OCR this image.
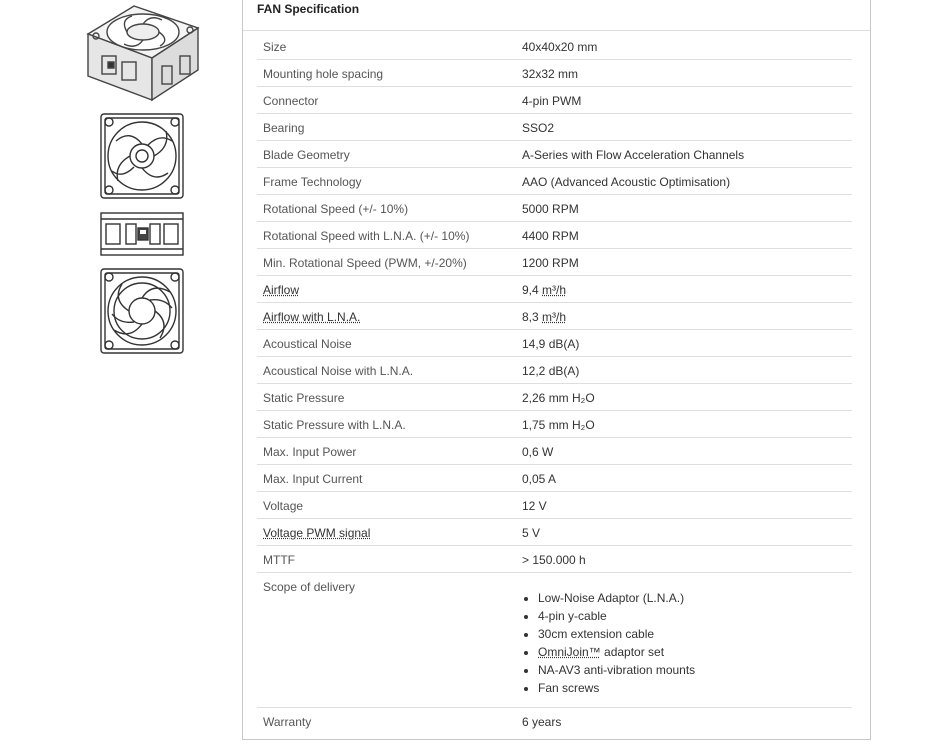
FAN Specification
Size	40x40x20 mm
Mounting hole spacing	32x32 mm
Connector	4-pin PWM
Bearing	SSO2
Blade Geometry	A-Series with Flow Acceleration Channels
Frame Technology	AAO (Advanced Acoustic Optimisation)
Rotational Speed (+/- 10%)	5000 RPM
Rotational Speed with L.N.A. (+/- 10%)	4400 RPM
Min. Rotational Speed (PWM, +/-20%)	1200 RPM
Airflow	9,4 m³/h
Airflow with L.N.A.	8,3 m³/h
Acoustical Noise	14,9 dB(A)
Acoustical Noise with L.N.A.	12,2 dB(A)
Static Pressure	2,26 mm H₂O
Static Pressure with L.N.A.	1,75 mm H₂O
Max. Input Power	0,6 W
Max. Input Current	0,05 A
Voltage	12 V
Voltage PWM signal	5 V
MTTF	> 150.000 h
Scope of delivery
• Low-Noise Adaptor (L.N.A.)
• 4-pin y-cable
• 30cm extension cable
• OmniJoin™ adaptor set
• NA-AV3 anti-vibration mounts
• Fan screws
Warranty	6 years
